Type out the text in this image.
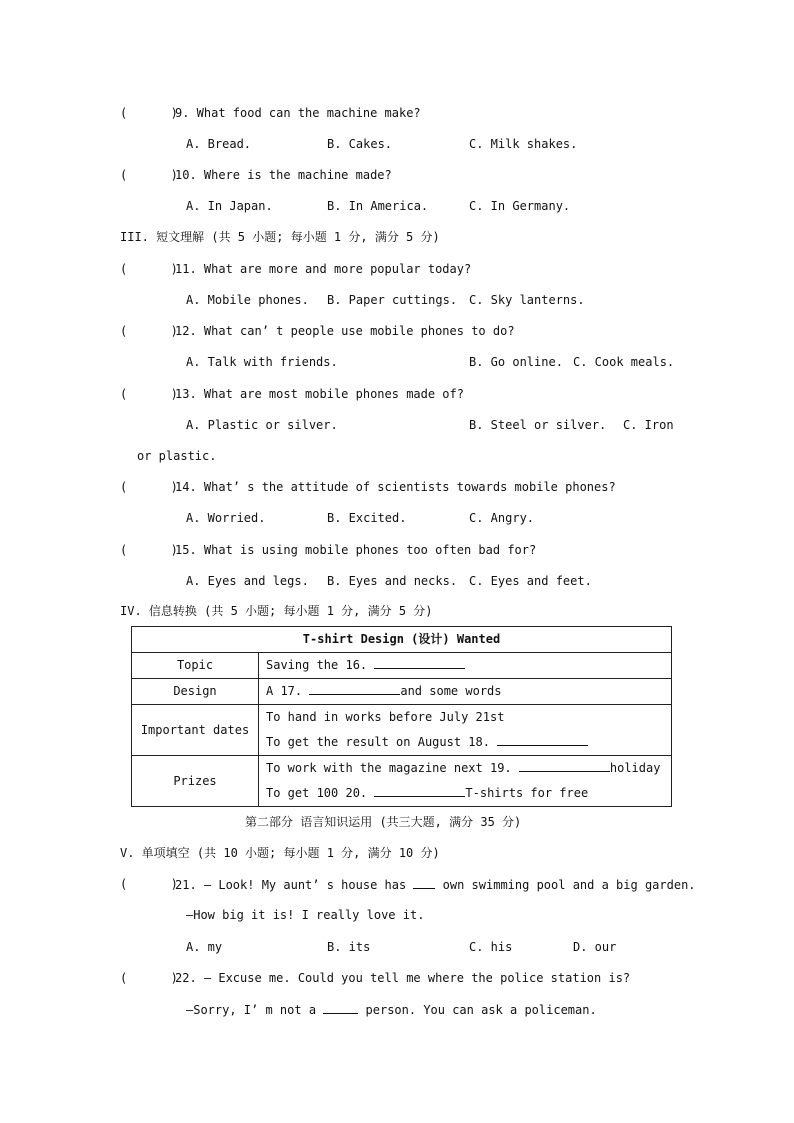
(      )
9. What food can the machine make?
A. Bread.	B. Cakes.	C. Milk shakes.
(      )
10. Where is the machine made?
A. In Japan.	B. In America.	C. In Germany.
III. 短文理解 (共 5 小题; 每小题 1 分, 满分 5 分)
(      )
11. What are more and more popular today?
A. Mobile phones. B. Paper cuttings. C. Sky lanterns.
(      )
12. What can’ t people use mobile phones to do?
A. Talk with friends.	B. Go online. C. Cook meals.
(      )
13. What are most mobile phones made of?
A. Plastic or silver.	B. Steel or silver. C. Iron
or plastic.
(      )
14. What’ s the attitude of scientists towards mobile phones?
A. Worried.	B. Excited.	C. Angry.
(      )
15. What is using mobile phones too often bad for?
A. Eyes and legs. B. Eyes and necks. C. Eyes and feet.
IV. 信息转换 (共 5 小题; 每小题 1 分, 满分 5 分)
T-shirt Design (设计) Wanted	
Topic	Saving the 16.
Design	A 17. and some words
Important dates	To hand in works before July 21st
To get the result on August 18.

Prizes	To work with the magazine next 19. holiday
To get 100 20. T-shirts for free
第二部分 语言知识运用 (共三大题, 满分 35 分)
V. 单项填空 (共 10 小题; 每小题 1 分, 满分 10 分)
(      )
21. — Look! My aunt’ s house has	own swimming pool and a big garden.
—How big it is! I really love it.
A. my	B. its	C. his	D. our
(      )
22. — Excuse me. Could you tell me where the police station is?
—Sorry, I’ m not a	person. You can ask a policeman.
